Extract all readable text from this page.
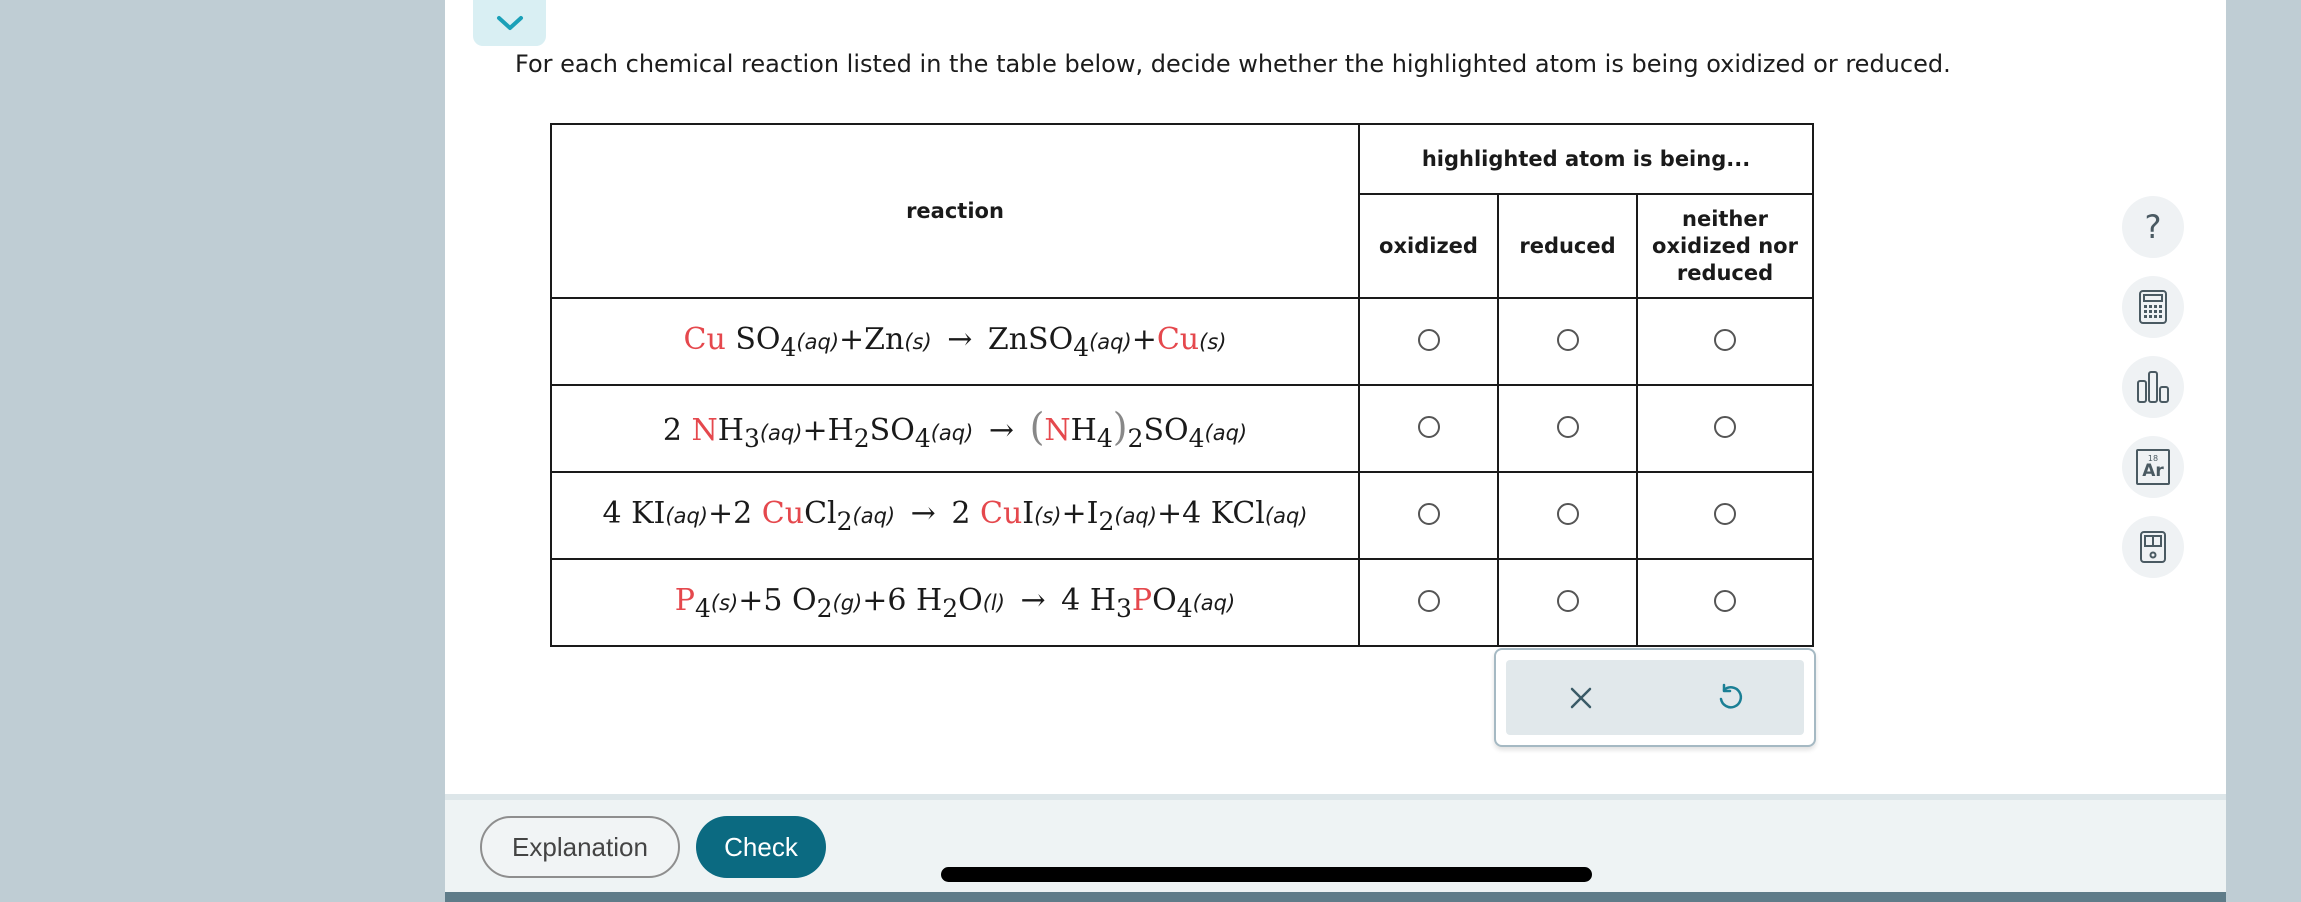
For each chemical reaction listed in the table below, decide whether the highlighted atom is being oxidized or reduced.
reaction	highlighted atom is being...		
	oxidized	reduced	neither
oxidized nor
reduced
Cu $SO_4(aq)+Zn(s)$ → ZnSO$_4$(aq)+Cu(s)			
2 $NH_3(aq)+H_2SO_4(aq) \to (NH_4)_2SO_4(aq)$			
4 KI(aq)+2 CuCl$_2$(aq) → 2 $CuI(s)+I_2(aq)+4$ KCl(aq)			
$P_4(s)+5$ $O_2(g)+6$ $H_2O(l) \to 4$ $H_3PO_4(aq)$			
?
18
Ar
Explanation	Check
